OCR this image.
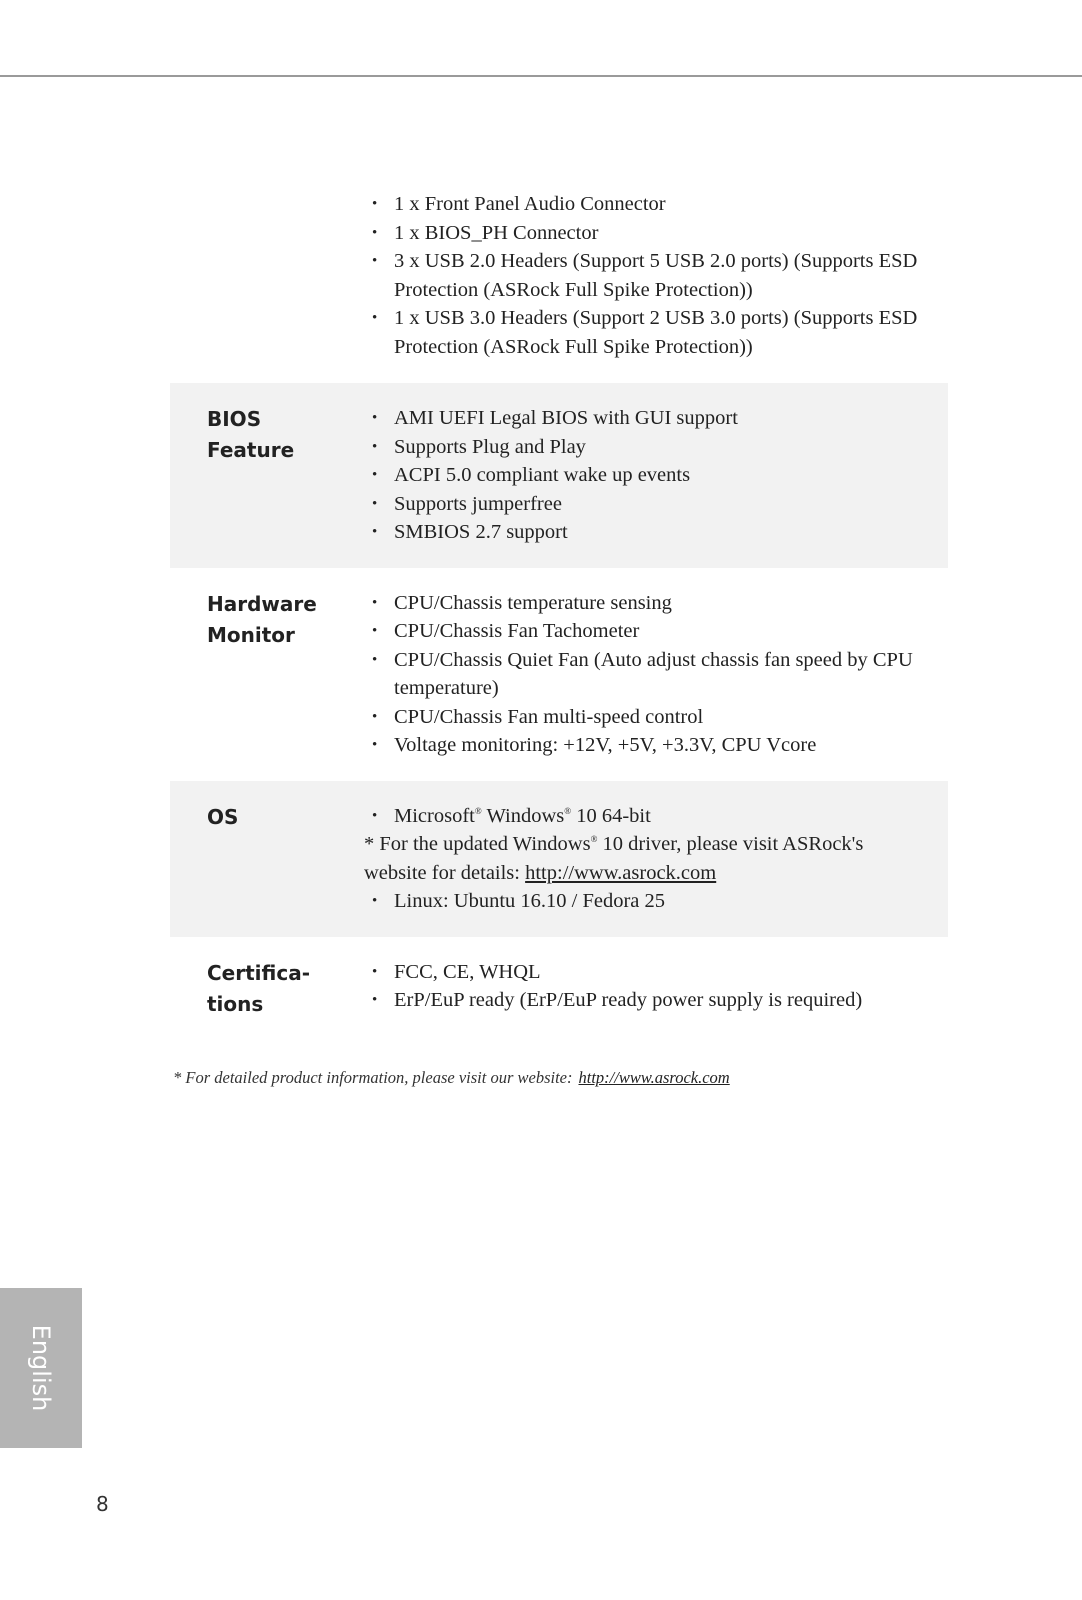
• 1 x Front Panel Audio Connector
• 1 x BIOS_PH Connector
• 3 x USB 2.0 Headers (Support 5 USB 2.0 ports) (Supports ESD Protection (ASRock Full Spike Protection))
• 1 x USB 3.0 Headers (Support 2 USB 3.0 ports) (Supports ESD Protection (ASRock Full Spike Protection))
BIOS
Feature
• AMI UEFI Legal BIOS with GUI support
• Supports Plug and Play
• ACPI 5.0 compliant wake up events
• Supports jumperfree
• SMBIOS 2.7 support
Hardware
Monitor
• CPU/Chassis temperature sensing
• CPU/Chassis Fan Tachometer
• CPU/Chassis Quiet Fan (Auto adjust chassis fan speed by CPU temperature)
• CPU/Chassis Fan multi-speed control
• Voltage monitoring: +12V, +5V, +3.3V, CPU Vcore
OS
•	Microsoft® Windows® 10 64-bit
* For the updated Windows® 10 driver, please visit ASRock's website for details: http://www.asrock.com
• Linux: Ubuntu 16.10 / Fedora 25
Certifica-
tions
• FCC, CE, WHQL
• ErP/EuP ready (ErP/EuP ready power supply is required)
* For detailed product information, please visit our website: http://www.asrock.com
English
8
